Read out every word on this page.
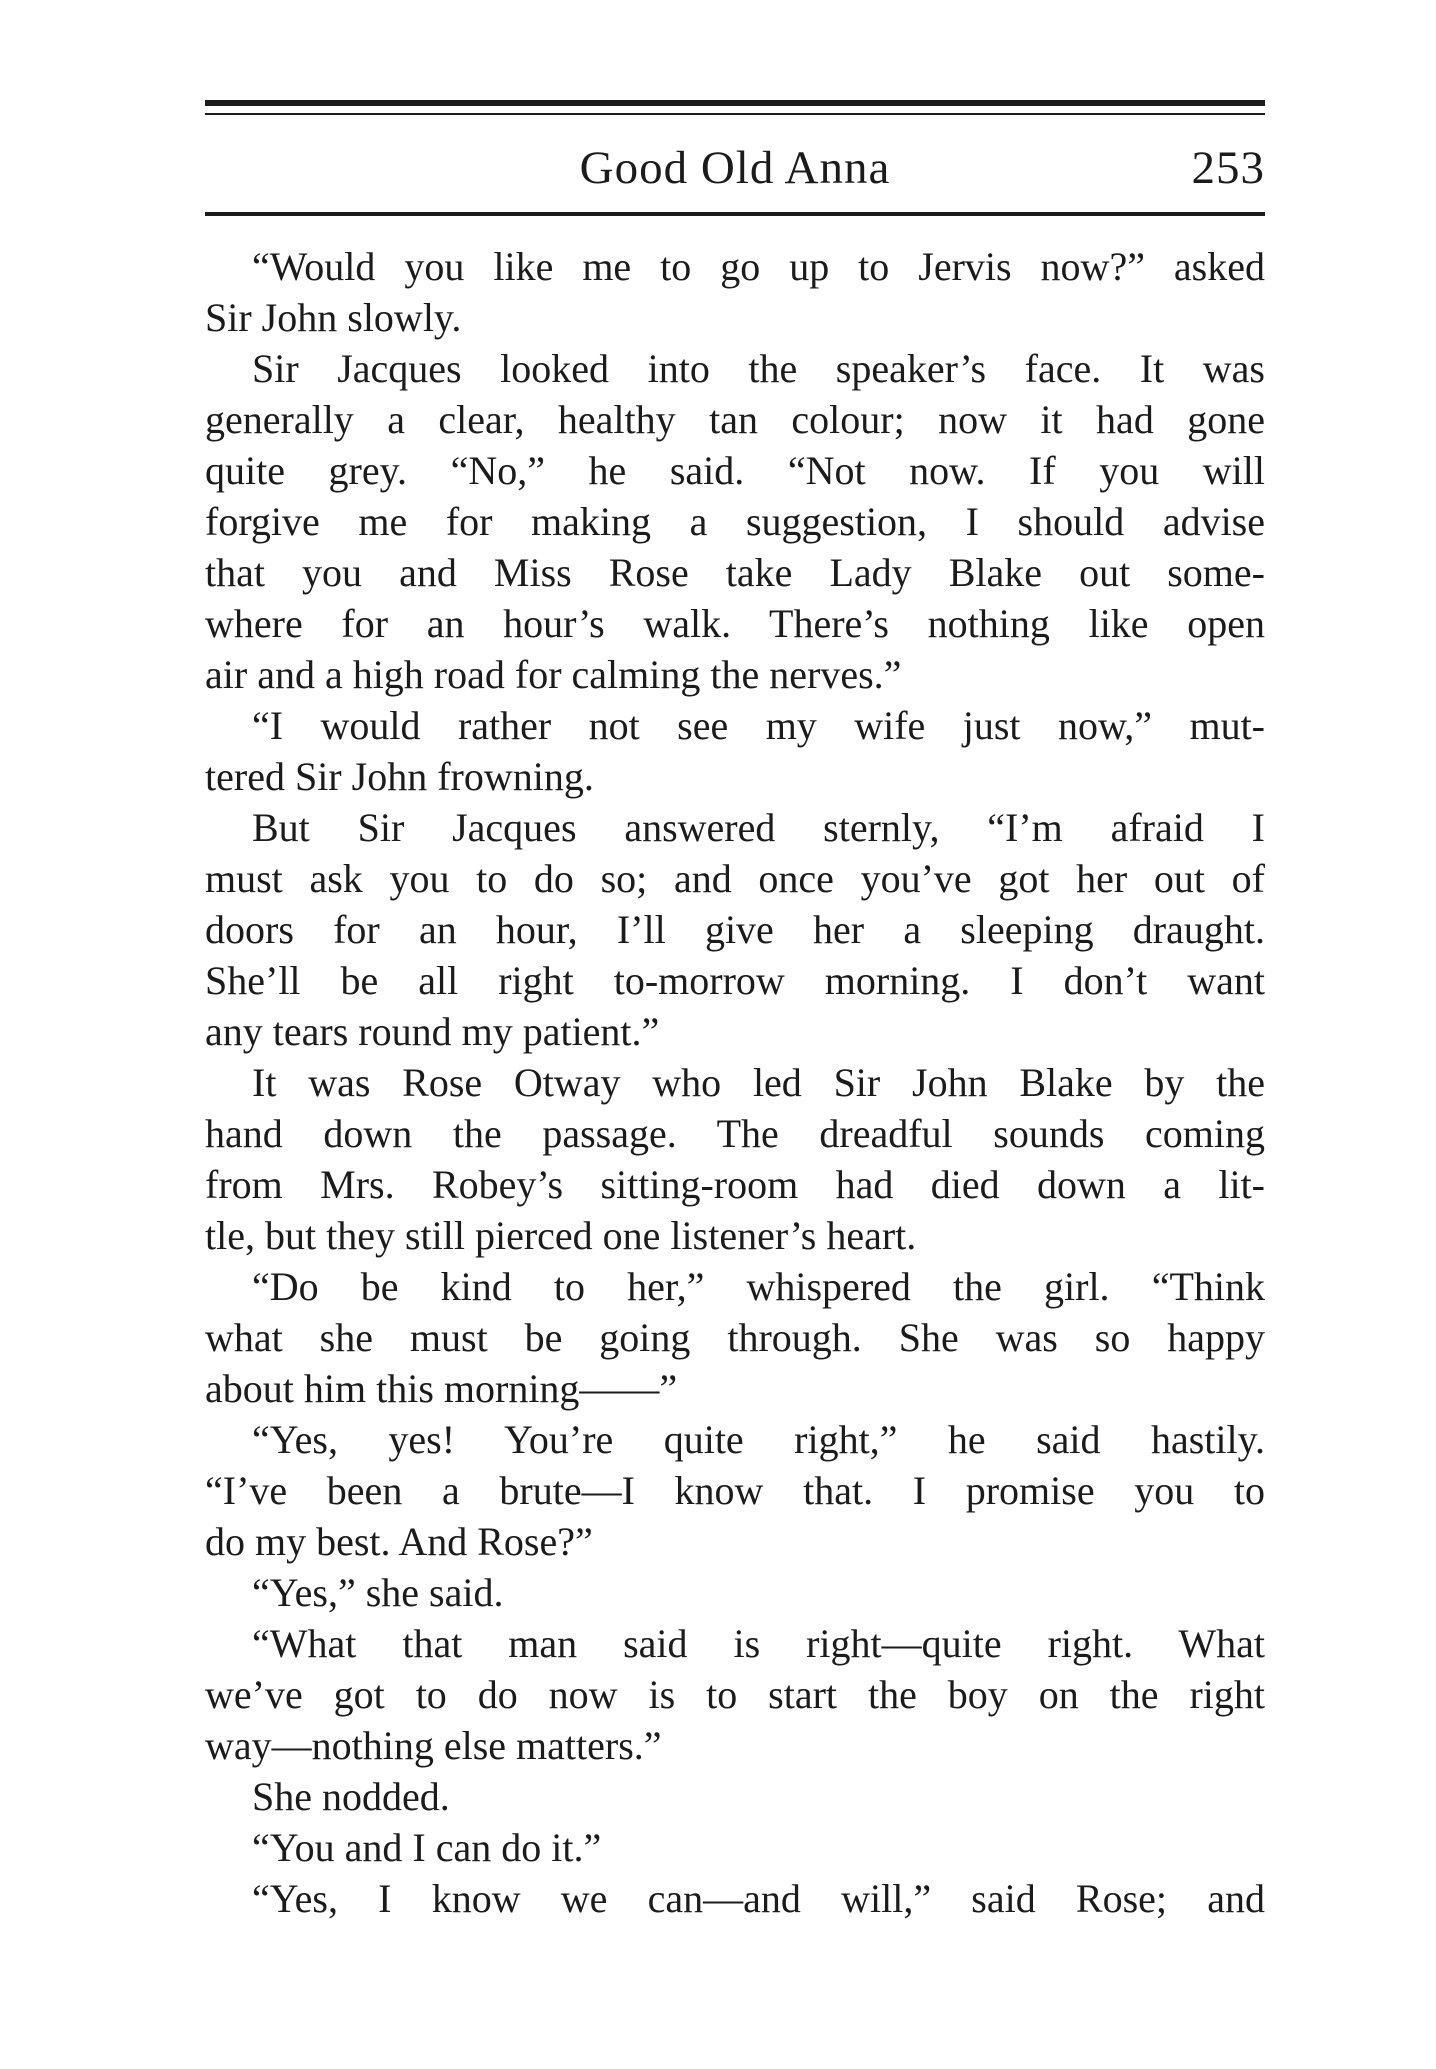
Good Old Anna	253
“Would you like me to go up to Jervis now?” asked
Sir John slowly.
Sir Jacques looked into the speaker’s face. It was
generally a clear, healthy tan colour; now it had gone
quite grey. “No,” he said. “Not now. If you will
forgive me for making a suggestion, I should advise
that you and Miss Rose take Lady Blake out some-
where for an hour’s walk. There’s nothing like open
air and a high road for calming the nerves.”
“I would rather not see my wife just now,” mut-
tered Sir John frowning.
But Sir Jacques answered sternly, “I’m afraid I
must ask you to do so; and once you’ve got her out of
doors for an hour, I’ll give her a sleeping draught.
She’ll be all right to-morrow morning. I don’t want
any tears round my patient.”
It was Rose Otway who led Sir John Blake by the
hand down the passage. The dreadful sounds coming
from Mrs. Robey’s sitting-room had died down a lit-
tle, but they still pierced one listener’s heart.
“Do be kind to her,” whispered the girl. “Think
what she must be going through. She was so happy
about him this morning——”
“Yes, yes! You’re quite right,” he said hastily.
“I’ve been a brute—I know that. I promise you to
do my best. And Rose?”
“Yes,” she said.
“What that man said is right—quite right. What
we’ve got to do now is to start the boy on the right
way—nothing else matters.”
She nodded.
“You and I can do it.”
“Yes, I know we can—and will,” said Rose; and
